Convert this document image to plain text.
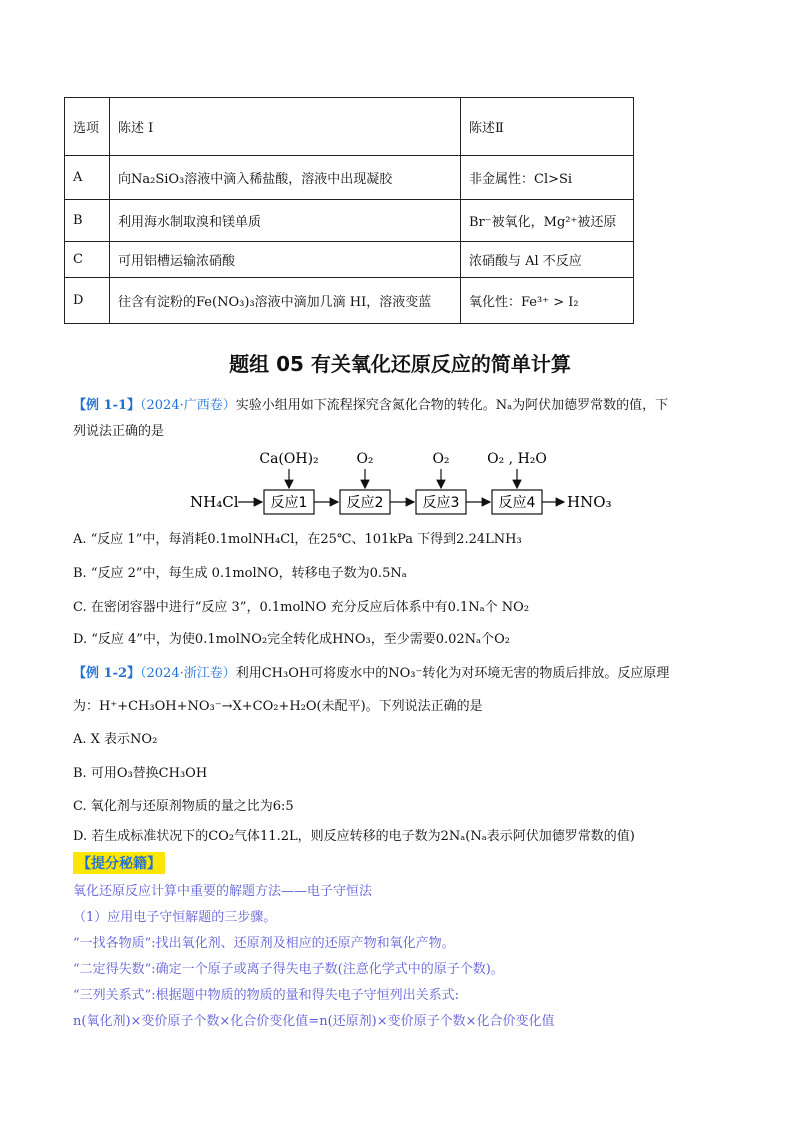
选项	陈述 I	陈述Ⅱ
A	向Na₂SiO₃溶液中滴入稀盐酸，溶液中出现凝胶	非金属性：Cl>Si
B	利用海水制取溴和镁单质	Br⁻被氧化，Mg²⁺被还原
C	可用铝槽运输浓硝酸	浓硝酸与 Al 不反应
D	往含有淀粉的Fe(NO₃)₃溶液中滴加几滴 HI，溶液变蓝	氧化性：Fe³⁺ > I₂
题组 05 有关氧化还原反应的简单计算
【例 1-1】（2024·广西卷）实验小组用如下流程探究含氮化合物的转化。Nₐ为阿伏加德罗常数的值，下
列说法正确的是
NH₄Cl 反应1	反应2	反应3	反应4 HNO₃
Ca(OH)₂	O₂	O₂	O₂ , H₂O
A. “反应 1”中，每消耗0.1molNH₄Cl，在25℃、101kPa 下得到2.24LNH₃
B. “反应 2”中，每生成 0.1molNO，转移电子数为0.5Nₐ
C. 在密闭容器中进行“反应 3”，0.1molNO 充分反应后体系中有0.1Nₐ个 NO₂
D. “反应 4”中，为使0.1molNO₂完全转化成HNO₃，至少需要0.02Nₐ个O₂
【例 1-2】（2024·浙江卷）利用CH₃OH可将废水中的NO₃⁻转化为对环境无害的物质后排放。反应原理
为：H⁺+CH₃OH+NO₃⁻→X+CO₂+H₂O(未配平)。下列说法正确的是
A. X 表示NO₂
B. 可用O₃替换CH₃OH
C. 氧化剂与还原剂物质的量之比为6:5
D. 若生成标准状况下的CO₂气体11.2L，则反应转移的电子数为2Nₐ(Nₐ表示阿伏加德罗常数的值)
【提分秘籍】
氧化还原反应计算中重要的解题方法——电子守恒法
（1）应用电子守恒解题的三步骤。
“一找各物质”:找出氧化剂、还原剂及相应的还原产物和氧化产物。
“二定得失数”:确定一个原子或离子得失电子数(注意化学式中的原子个数)。
“三列关系式”:根据题中物质的物质的量和得失电子守恒列出关系式:
n(氧化剂)×变价原子个数×化合价变化值=n(还原剂)×变价原子个数×化合价变化值
